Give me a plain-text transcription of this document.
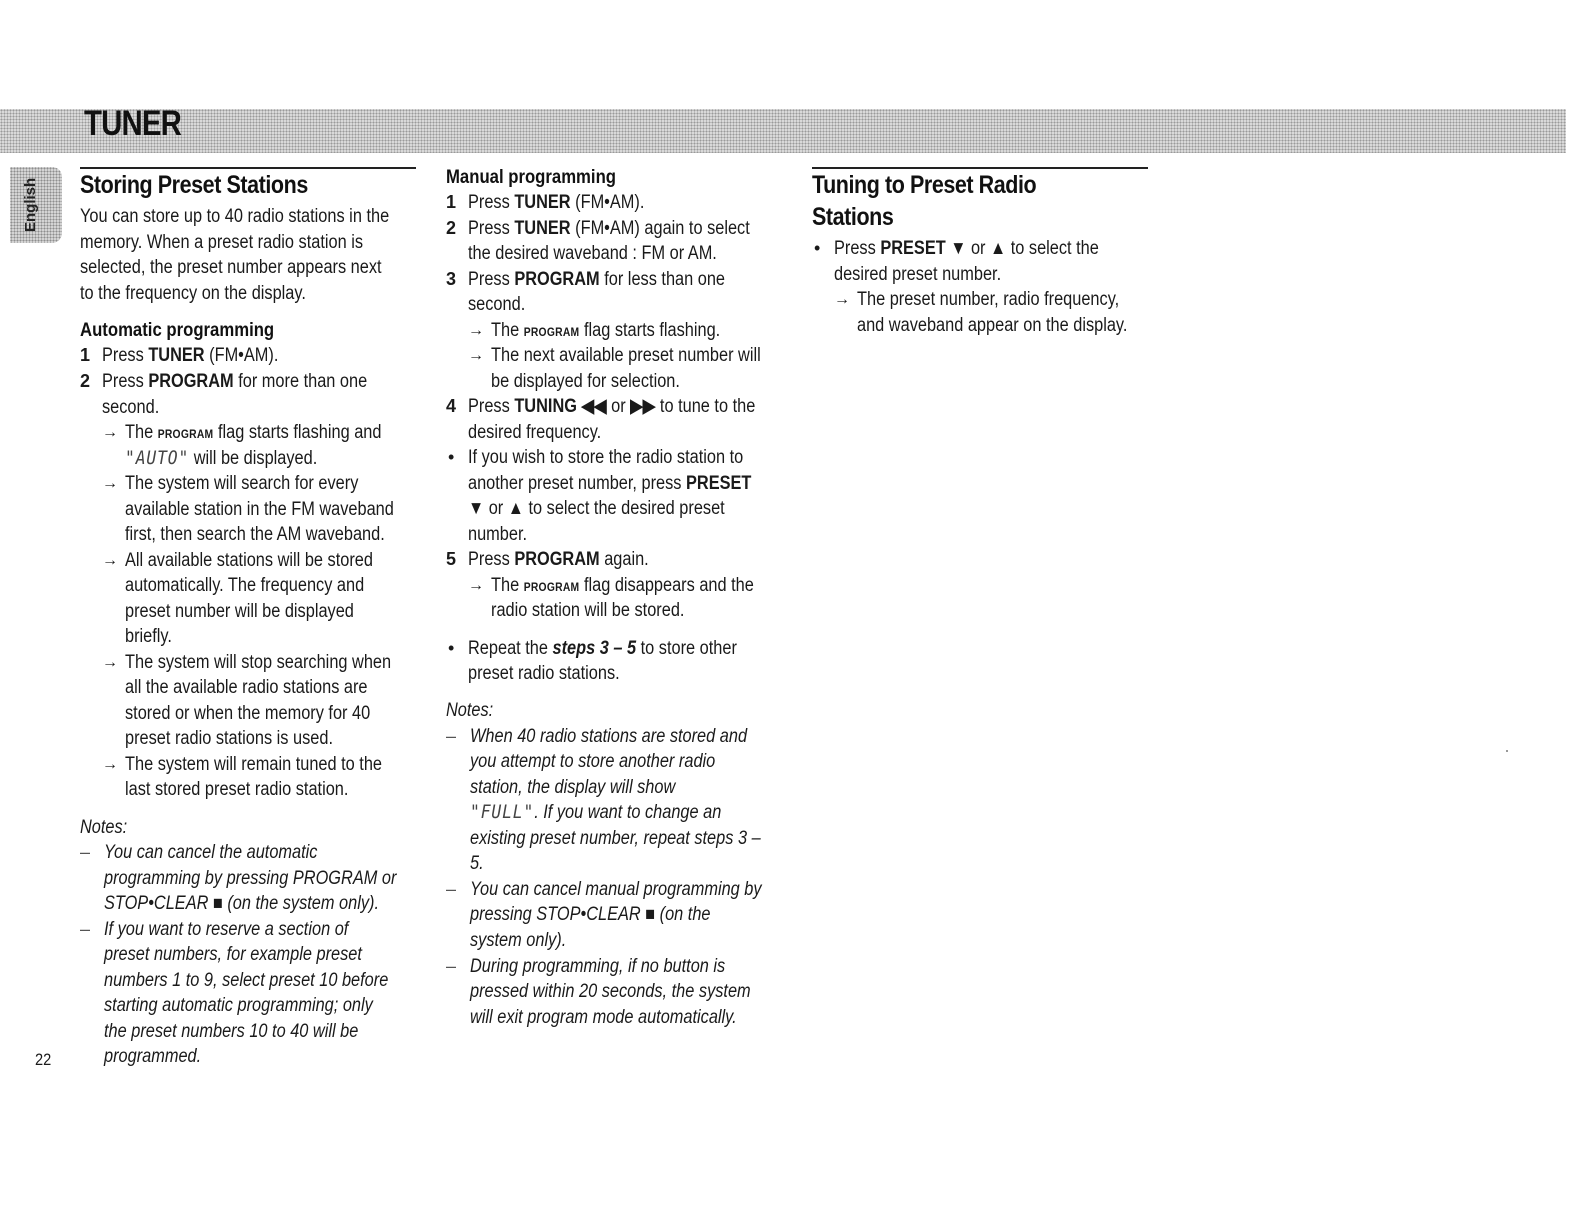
TUNER
English Storing Preset Stations
You can store up to 40 radio stations in the
memory. When a preset radio station is
selected, the preset number appears next
to the frequency on the display.
Automatic programming
1 Press TUNER (FM•AM).
2 Press PROGRAM for more than one
second.
→ The PROGRAM flag starts flashing and
"AUTO" will be displayed.
→ The system will search for every
available station in the FM waveband
first, then search the AM waveband.
→ All available stations will be stored
automatically. The frequency and
preset number will be displayed
briefly.
→ The system will stop searching when
all the available radio stations are
stored or when the memory for 40
preset radio stations is used.
→ The system will remain tuned to the
last stored preset radio station.
Notes:
– You can cancel the automatic
programming by pressing PROGRAM or
STOP•CLEAR ■ (on the system only).
– If you want to reserve a section of
preset numbers, for example preset
numbers 1 to 9, select preset 10 before
starting automatic programming; only
the preset numbers 10 to 40 will be
programmed.
22
Manual programming
1 Press TUNER (FM•AM).
2 Press TUNER (FM•AM) again to select
the desired waveband : FM or AM.
3 Press PROGRAM for less than one
second.
→ The PROGRAM flag starts flashing.
→ The next available preset number will
be displayed for selection.
4 Press TUNING ◀◀ or ▶▶ to tune to the
desired frequency.
• If you wish to store the radio station to
another preset number, press PRESET
▼ or ▲ to select the desired preset
number.
5 Press PROGRAM again.
→ The PROGRAM flag disappears and the
radio station will be stored.
• Repeat the steps 3 – 5 to store other
preset radio stations.
Notes:
– When 40 radio stations are stored and
you attempt to store another radio
station, the display will show
"FULL". If you want to change an
existing preset number, repeat steps 3 –
5.
– You can cancel manual programming by
pressing STOP•CLEAR ■ (on the
system only).
– During programming, if no button is
pressed within 20 seconds, the system
will exit program mode automatically.
Tuning to Preset Radio
Stations
• Press PRESET ▼ or ▲ to select the
desired preset number.
→ The preset number, radio frequency,
and waveband appear on the display.
